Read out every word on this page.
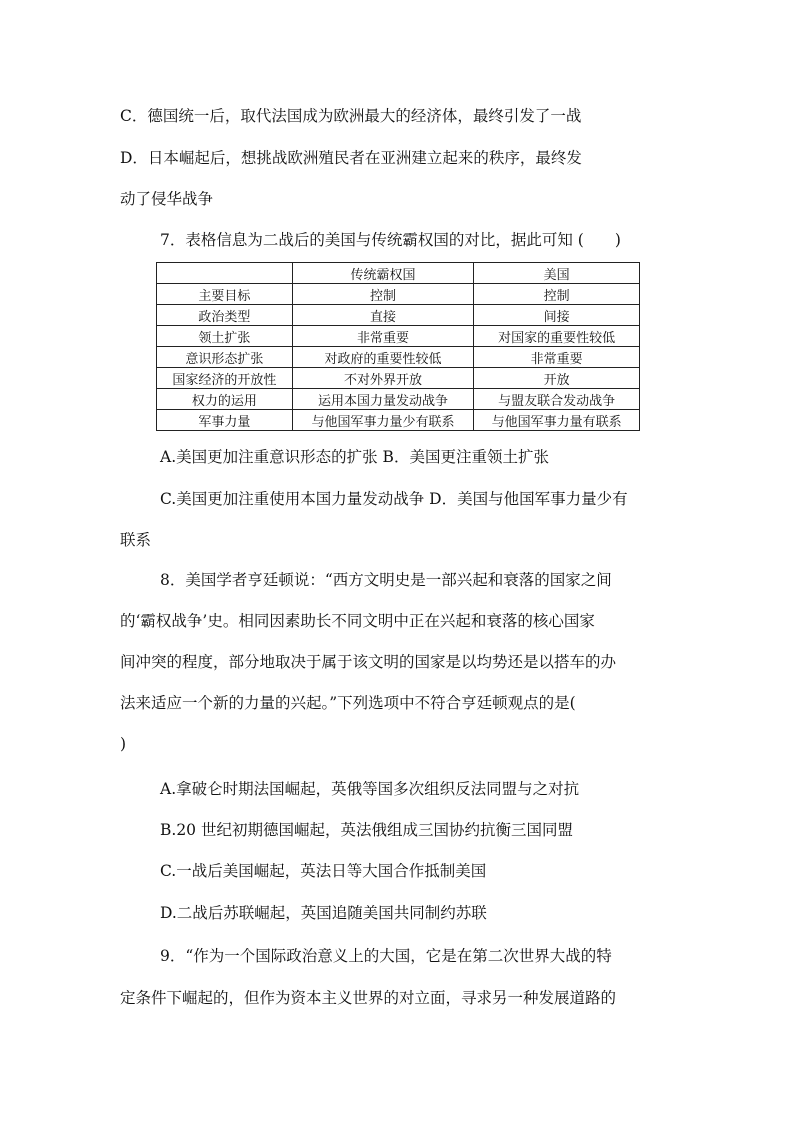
C．德国统一后，取代法国成为欧洲最大的经济体，最终引发了一战
D．日本崛起后，想挑战欧洲殖民者在亚洲建立起来的秩序，最终发
动了侵华战争
7．表格信息为二战后的美国与传统霸权国的对比，据此可知 (　　)
	传统霸权国	美国
主要目标	控制	控制
政治类型	直接	间接
领土扩张	非常重要	对国家的重要性较低
意识形态扩张	对政府的重要性较低	非常重要
国家经济的开放性	不对外界开放	开放
权力的运用	运用本国力量发动战争	与盟友联合发动战争
军事力量	与他国军事力量少有联系	与他国军事力量有联系
A.美国更加注重意识形态的扩张 B．美国更注重领土扩张
C.美国更加注重使用本国力量发动战争 D．美国与他国军事力量少有
联系
8．美国学者亨廷顿说：“西方文明史是一部兴起和衰落的国家之间
的‘霸权战争’史。相同因素助长不同文明中正在兴起和衰落的核心国家
间冲突的程度，部分地取决于属于该文明的国家是以均势还是以搭车的办
法来适应一个新的力量的兴起。”下列选项中不符合亨廷顿观点的是(
)
A.拿破仑时期法国崛起，英俄等国多次组织反法同盟与之对抗
B.20 世纪初期德国崛起，英法俄组成三国协约抗衡三国同盟
C.一战后美国崛起，英法日等大国合作抵制美国
D.二战后苏联崛起，英国追随美国共同制约苏联
9．“作为一个国际政治意义上的大国，它是在第二次世界大战的特
定条件下崛起的，但作为资本主义世界的对立面，寻求另一种发展道路的
